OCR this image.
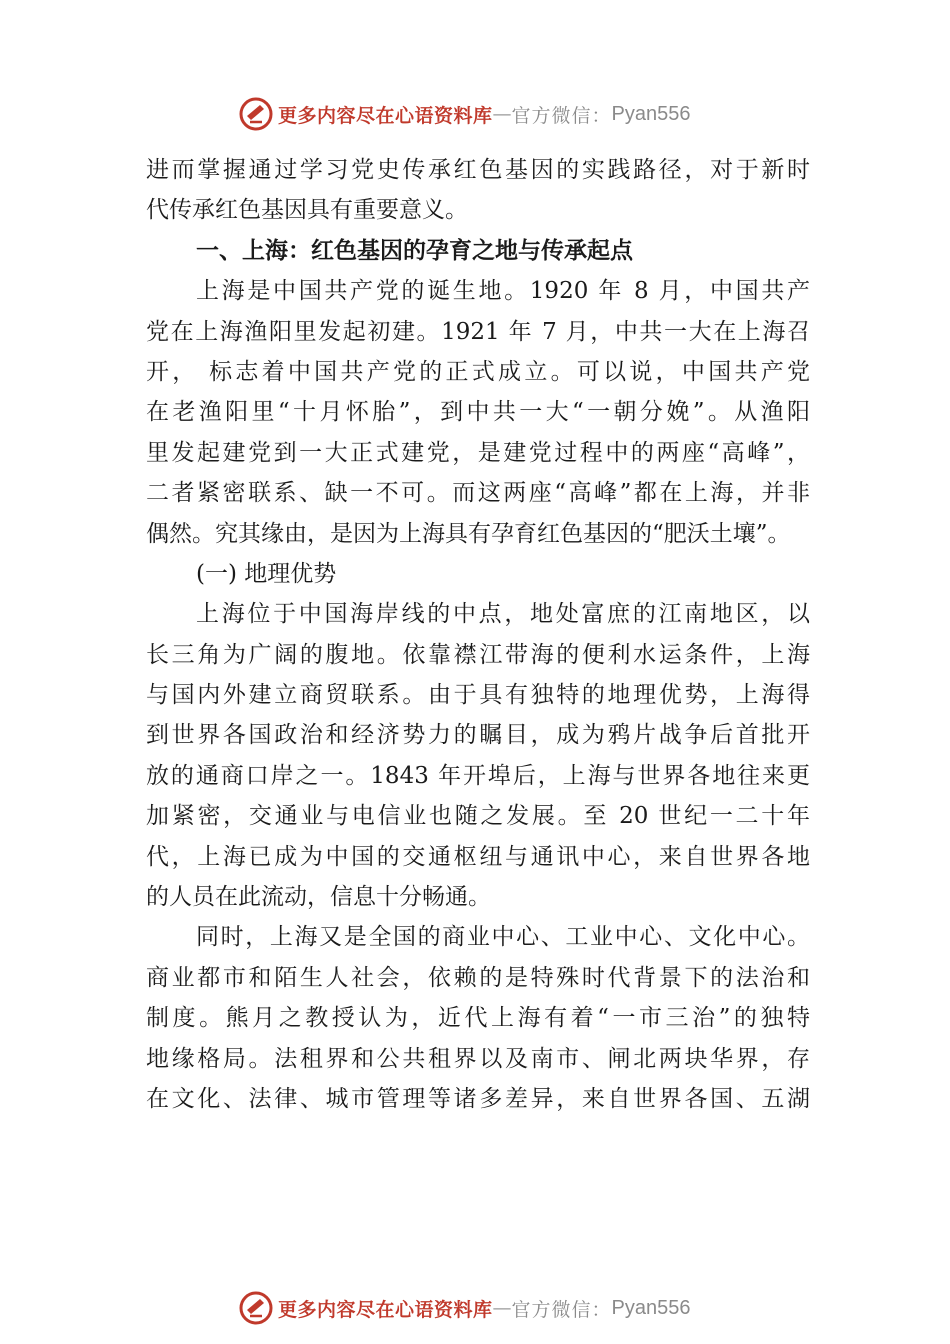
更多内容尽在心语资料库 — 官方微信： Pyan556
进而掌握通过学习党史传承红色基因的实践路径，对于新时
代传承红色基因具有重要意义。
一、上海：红色基因的孕育之地与传承起点
上海是中国共产党的诞生地。1920 年 8 月，中国共产
党在上海渔阳里发起初建。1921 年 7 月，中共一大在上海召
开， 标志着中国共产党的正式成立。可以说，中国共产党
在老渔阳里“十月怀胎”，到中共一大“一朝分娩”。从渔阳
里发起建党到一大正式建党，是建党过程中的两座“高峰”，
二者紧密联系、缺一不可。而这两座“高峰”都在上海，并非
偶然。究其缘由，是因为上海具有孕育红色基因的“肥沃土壤”。
(一) 地理优势
上海位于中国海岸线的中点，地处富庶的江南地区，以
长三角为广阔的腹地。依靠襟江带海的便利水运条件，上海
与国内外建立商贸联系。由于具有独特的地理优势，上海得
到世界各国政治和经济势力的瞩目，成为鸦片战争后首批开
放的通商口岸之一。1843 年开埠后，上海与世界各地往来更
加紧密，交通业与电信业也随之发展。至 20 世纪一二十年
代，上海已成为中国的交通枢纽与通讯中心，来自世界各地
的人员在此流动，信息十分畅通。
同时，上海又是全国的商业中心、工业中心、文化中心。
商业都市和陌生人社会，依赖的是特殊时代背景下的法治和
制度。熊月之教授认为，近代上海有着“一市三治”的独特
地缘格局。法租界和公共租界以及南市、闸北两块华界，存
在文化、法律、城市管理等诸多差异，来自世界各国、五湖
更多内容尽在心语资料库 — 官方微信： Pyan556
